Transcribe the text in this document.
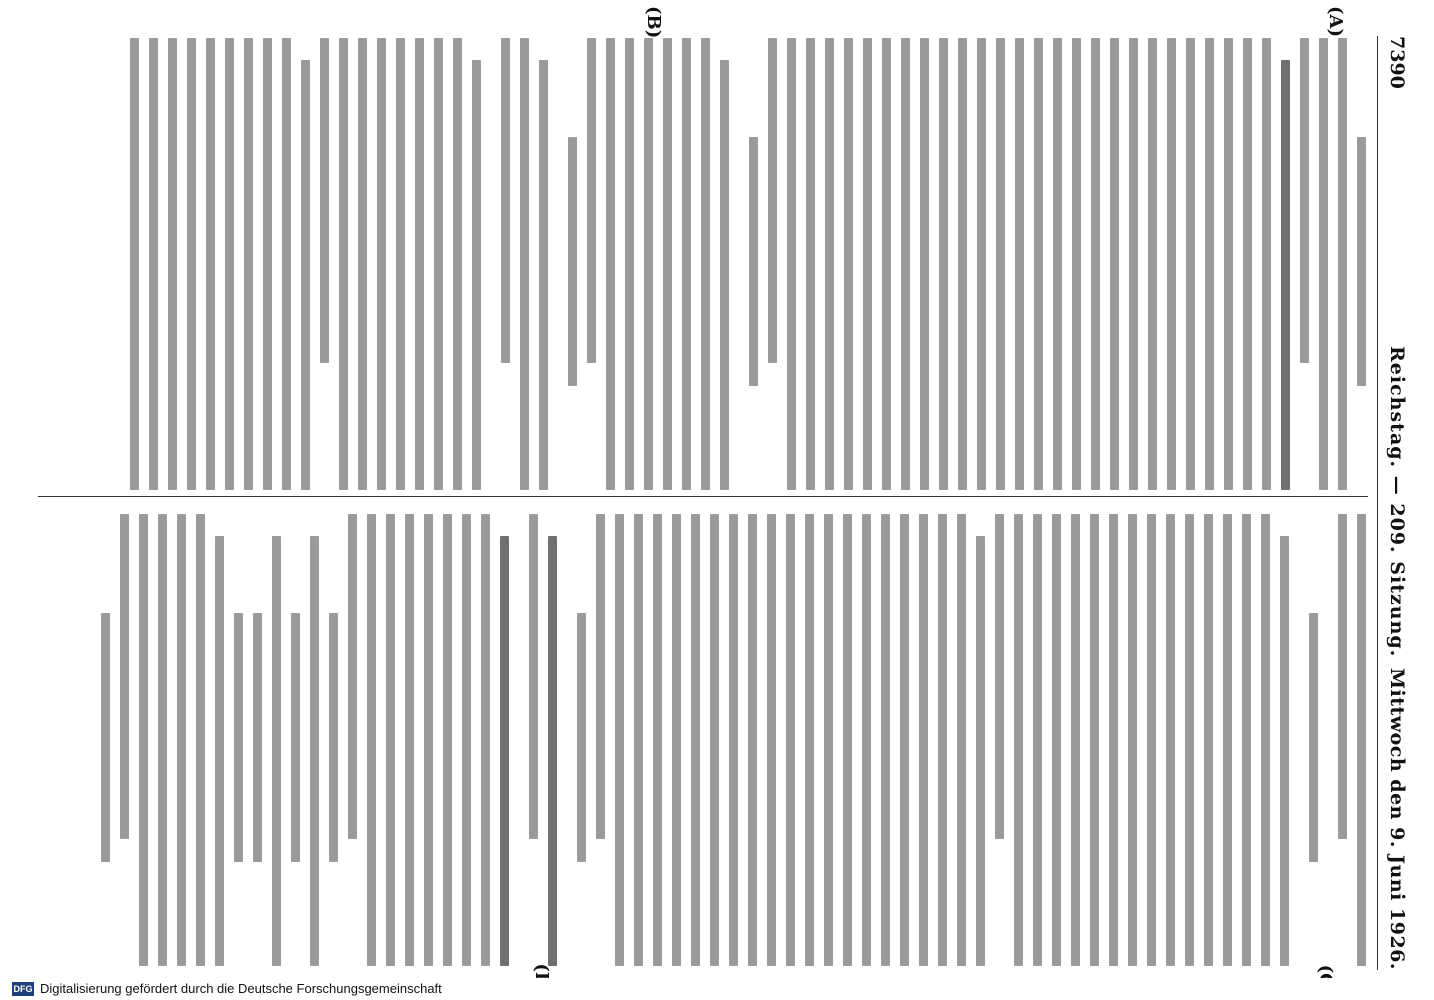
7390
Reichstag. — 209. Sitzung.
Mittwoch den 9. Juni 1926.
(A)
(B)
DFG Digitalisierung gefördert durch die Deutsche Forschungsgemeinschaft
